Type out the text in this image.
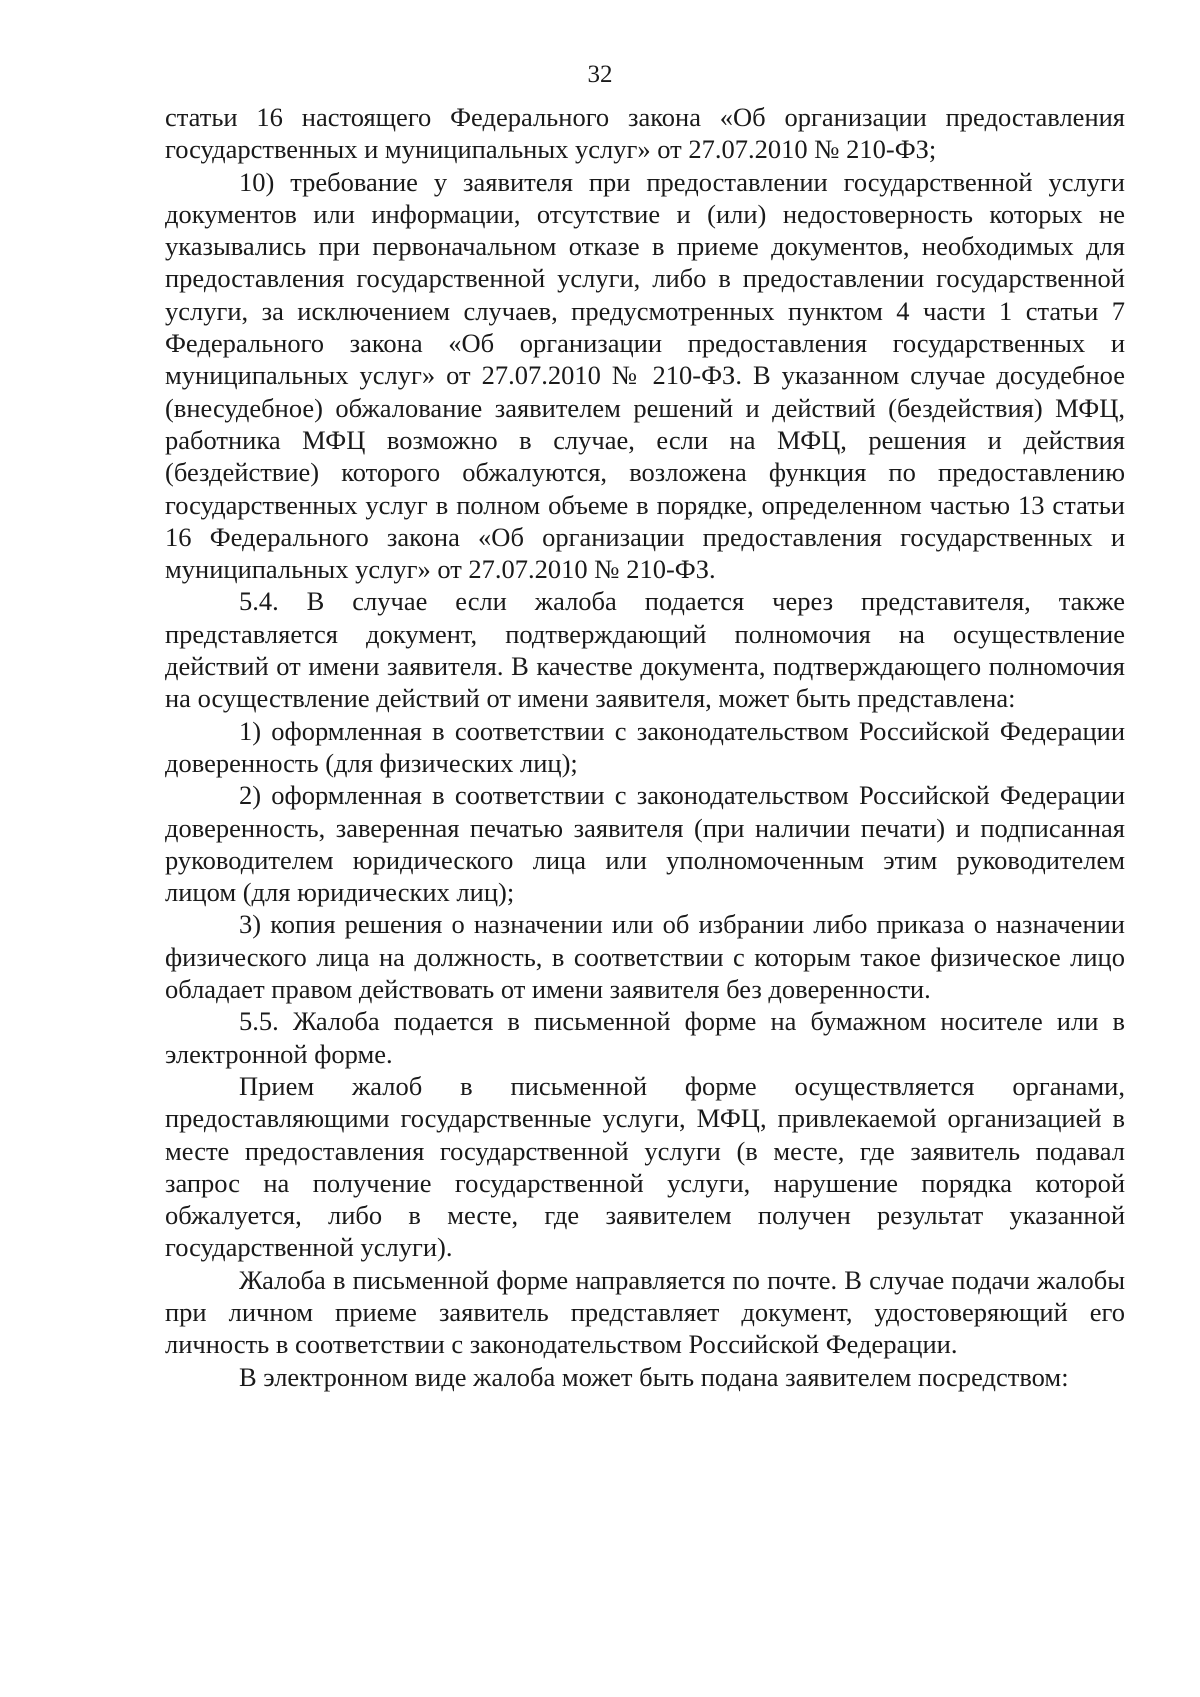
32

статьи 16 настоящего Федерального закона «Об организации предоставления государственных и муниципальных услуг» от 27.07.2010 № 210-ФЗ;

10) требование у заявителя при предоставлении государственной услуги документов или информации, отсутствие и (или) недостоверность которых не указывались при первоначальном отказе в приеме документов, необходимых для предоставления государственной услуги, либо в предоставлении государственной услуги, за исключением случаев, предусмотренных пунктом 4 части 1 статьи 7 Федерального закона «Об организации предоставления государственных и муниципальных услуг» от 27.07.2010 № 210-ФЗ. В указанном случае досудебное (внесудебное) обжалование заявителем решений и действий (бездействия) МФЦ, работника МФЦ возможно в случае, если на МФЦ, решения и действия (бездействие) которого обжалуются, возложена функция по предоставлению государственных услуг в полном объеме в порядке, определенном частью 13 статьи 16 Федерального закона «Об организации предоставления государственных и муниципальных услуг» от 27.07.2010 № 210-ФЗ.

5.4. В случае если жалоба подается через представителя, также представляется документ, подтверждающий полномочия на осуществление действий от имени заявителя. В качестве документа, подтверждающего полномочия на осуществление действий от имени заявителя, может быть представлена:

1) оформленная в соответствии с законодательством Российской Федерации доверенность (для физических лиц);

2) оформленная в соответствии с законодательством Российской Федерации доверенность, заверенная печатью заявителя (при наличии печати) и подписанная руководителем юридического лица или уполномоченным этим руководителем лицом (для юридических лиц);

3) копия решения о назначении или об избрании либо приказа о назначении физического лица на должность, в соответствии с которым такое физическое лицо обладает правом действовать от имени заявителя без доверенности.

5.5. Жалоба подается в письменной форме на бумажном носителе или в электронной форме.

Прием жалоб в письменной форме осуществляется органами, предоставляющими государственные услуги, МФЦ, привлекаемой организацией в месте предоставления государственной услуги (в месте, где заявитель подавал запрос на получение государственной услуги, нарушение порядка которой обжалуется, либо в месте, где заявителем получен результат указанной государственной услуги).

Жалоба в письменной форме направляется по почте. В случае подачи жалобы при личном приеме заявитель представляет документ, удостоверяющий его личность в соответствии с законодательством Российской Федерации.

В электронном виде жалоба может быть подана заявителем посредством:
